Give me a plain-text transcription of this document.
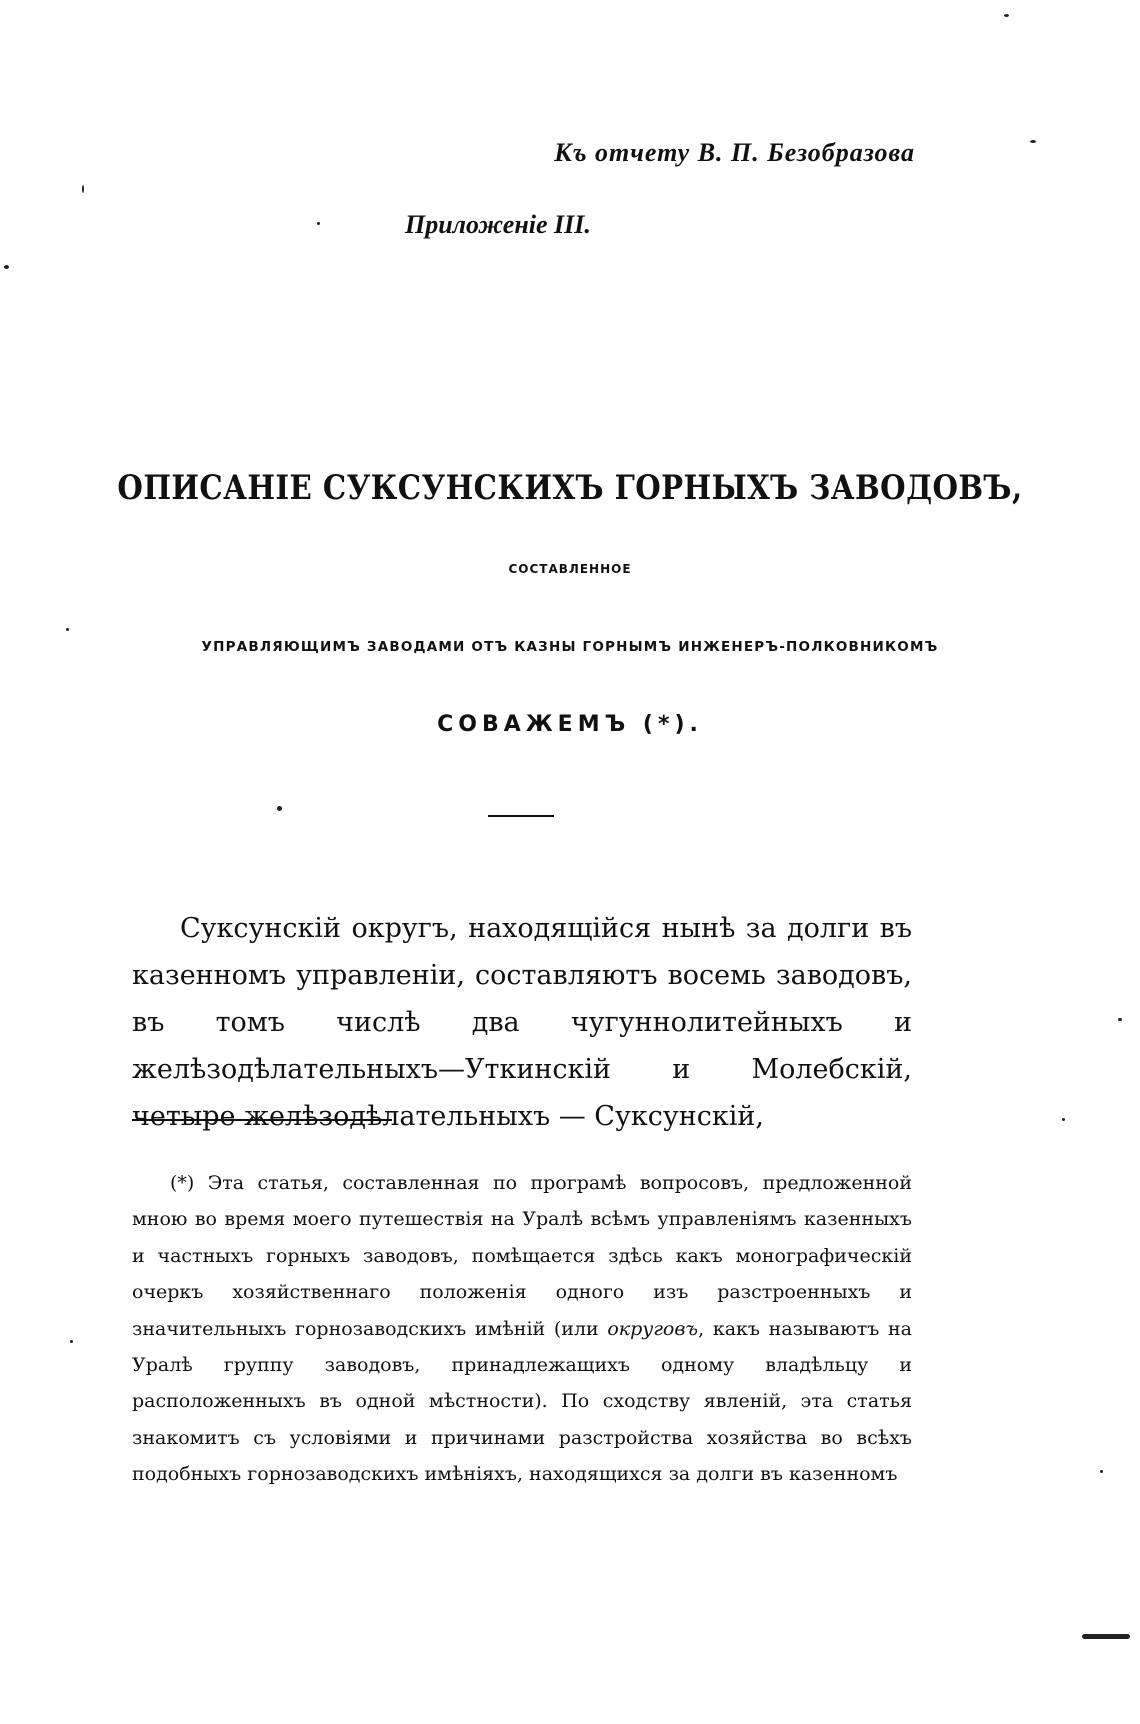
Къ отчету В. П. Безобразова
Приложеніе III.
ОПИСАНІЕ СУКСУНСКИХЪ ГОРНЫХЪ ЗАВОДОВЪ,
СОСТАВЛЕННОЕ
УПРАВЛЯЮЩИМЪ ЗАВОДАМИ ОТЪ КАЗНЫ ГОРНЫМЪ ИНЖЕНЕРЪ-ПОЛКОВНИКОМЪ
СОВАЖЕМЪ (*).

Суксунскій округъ, находящійся нынѣ за долги въ казенномъ управленіи, составляютъ восемь заводовъ, въ томъ числѣ два чугуннолитейныхъ и желѣзодѣлательныхъ—Уткинскій и Молебскій, четыре желѣзодѣлательныхъ — Суксунскій,

(*) Эта статья, составленная по програмѣ вопросовъ, предложенной мною во время моего путешествія на Уралѣ всѣмъ управленіямъ казенныхъ и частныхъ горныхъ заводовъ, помѣщается здѣсь какъ монографическій очеркъ хозяйственнаго положенія одного изъ разстроенныхъ и значительныхъ горнозаводскихъ имѣній (или округовъ, какъ называютъ на Уралѣ группу заводовъ, принадлежащихъ одному владѣльцу и расположенныхъ въ одной мѣстности). По сходству явленій, эта статья знакомитъ съ условіями и причинами разстройства хозяйства во всѣхъ подобныхъ горнозаводскихъ имѣніяхъ, находящихся за долги въ казенномъ
